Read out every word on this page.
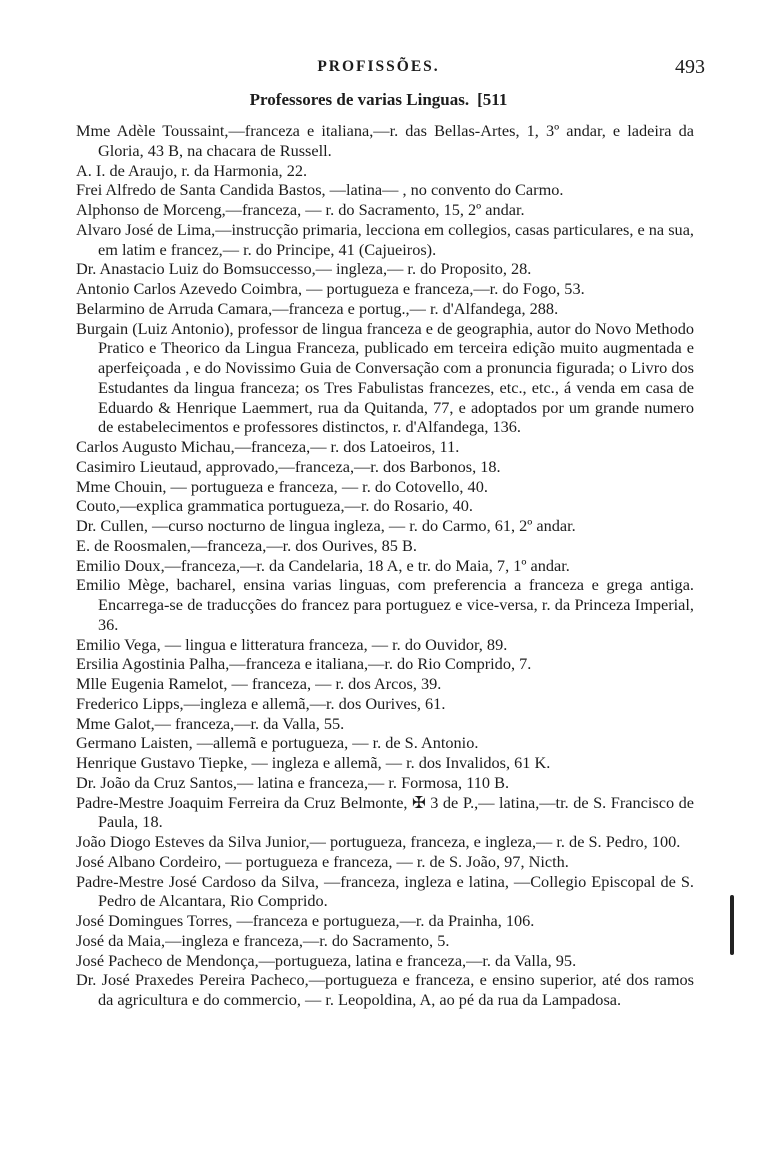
PROFISSÕES.	493
Professores de varias Linguas. [511
Mme Adèle Toussaint,—franceza e italiana,—r. das Bellas-Artes, 1, 3º andar, e ladeira da Gloria, 43 B, na chacara de Russell.
A. I. de Araujo, r. da Harmonia, 22.
Frei Alfredo de Santa Candida Bastos, —latina— , no convento do Carmo.
Alphonso de Morceng,—franceza, — r. do Sacramento, 15, 2º andar.
Alvaro José de Lima,—instrucção primaria, lecciona em collegios, casas particulares, e na sua, em latim e francez,— r. do Principe, 41 (Cajueiros).
Dr. Anastacio Luiz do Bomsuccesso,— ingleza,— r. do Proposito, 28.
Antonio Carlos Azevedo Coimbra, — portugueza e franceza,—r. do Fogo, 53.
Belarmino de Arruda Camara,—franceza e portug.,— r. d'Alfandega, 288.
Burgain (Luiz Antonio), professor de lingua franceza e de geographia, autor do Novo Methodo Pratico e Theorico da Lingua Franceza, publicado em terceira edição muito augmentada e aperfeiçoada , e do Novissimo Guia de Conversação com a pronuncia figurada; o Livro dos Estudantes da lingua franceza; os Tres Fabulistas francezes, etc., etc., á venda em casa de Eduardo & Henrique Laemmert, rua da Quitanda, 77, e adoptados por um grande numero de estabelecimentos e professores distinctos, r. d'Alfandega, 136.
Carlos Augusto Michau,—franceza,— r. dos Latoeiros, 11.
Casimiro Lieutaud, approvado,—franceza,—r. dos Barbonos, 18.
Mme Chouin, — portugueza e franceza, — r. do Cotovello, 40.
Couto,—explica grammatica portugueza,—r. do Rosario, 40.
Dr. Cullen, —curso nocturno de lingua ingleza, — r. do Carmo, 61, 2º andar.
E. de Roosmalen,—franceza,—r. dos Ourives, 85 B.
Emilio Doux,—franceza,—r. da Candelaria, 18 A, e tr. do Maia, 7, 1º andar.
Emilio Mège, bacharel, ensina varias linguas, com preferencia a franceza e grega antiga. Encarrega-se de traducções do francez para portuguez e vice-versa, r. da Princeza Imperial, 36.
Emilio Vega, — lingua e litteratura franceza, — r. do Ouvidor, 89.
Ersilia Agostinia Palha,—franceza e italiana,—r. do Rio Comprido, 7.
Mlle Eugenia Ramelot, — franceza, — r. dos Arcos, 39.
Frederico Lipps,—ingleza e allemã,—r. dos Ourives, 61.
Mme Galot,— franceza,—r. da Valla, 55.
Germano Laisten, —allemã e portugueza, — r. de S. Antonio.
Henrique Gustavo Tiepke, — ingleza e allemã, — r. dos Invalidos, 61 K.
Dr. João da Cruz Santos,— latina e franceza,— r. Formosa, 110 B.
Padre-Mestre Joaquim Ferreira da Cruz Belmonte, ✠ 3 de P.,— latina,—tr. de S. Francisco de Paula, 18.
João Diogo Esteves da Silva Junior,— portugueza, franceza, e ingleza,— r. de S. Pedro, 100.
José Albano Cordeiro, — portugueza e franceza, — r. de S. João, 97, Nicth.
Padre-Mestre José Cardoso da Silva, —franceza, ingleza e latina, —Collegio Episcopal de S. Pedro de Alcantara, Rio Comprido.
José Domingues Torres, —franceza e portugueza,—r. da Prainha, 106.
José da Maia,—ingleza e franceza,—r. do Sacramento, 5.
José Pacheco de Mendonça,—portugueza, latina e franceza,—r. da Valla, 95.
Dr. José Praxedes Pereira Pacheco,—portugueza e franceza, e ensino superior, até dos ramos da agricultura e do commercio, — r. Leopoldina, A, ao pé da rua da Lampadosa.
